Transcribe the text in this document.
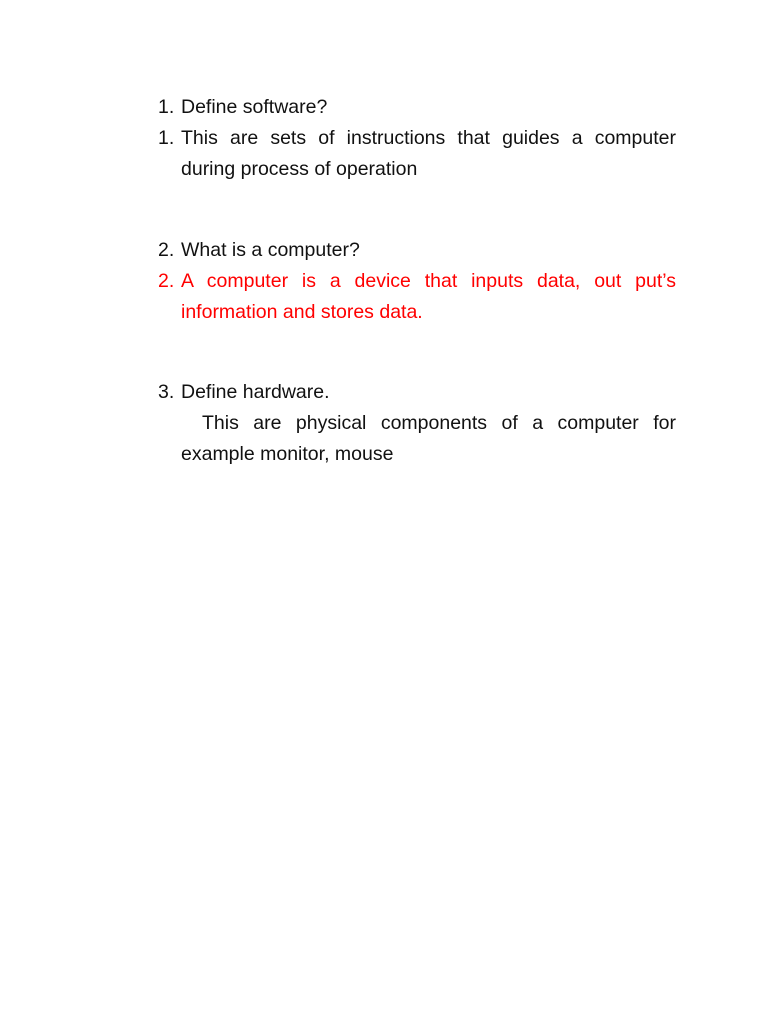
1. Define software?
1. This are sets of instructions that guides a computer during process of operation
2. What is a computer?
2. A computer is a device that inputs data, out put’s information and stores data.
3. Define hardware.
This are physical components of a computer for example monitor, mouse
